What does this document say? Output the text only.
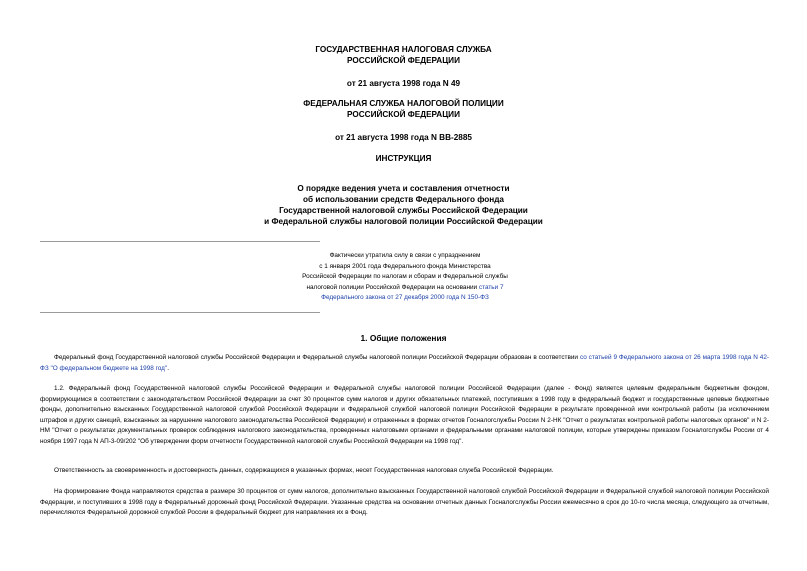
ГОСУДАРСТВЕННАЯ НАЛОГОВАЯ СЛУЖБА
РОССИЙСКОЙ ФЕДЕРАЦИИ
от 21 августа 1998 года N 49
ФЕДЕРАЛЬНАЯ СЛУЖБА НАЛОГОВОЙ ПОЛИЦИИ
РОССИЙСКОЙ ФЕДЕРАЦИИ
от 21 августа 1998 года N ВВ-2885
ИНСТРУКЦИЯ
О порядке ведения учета и составления отчетности
об использовании средств Федерального фонда
Государственной налоговой службы Российской Федерации
и Федеральной службы налоговой полиции Российской Федерации
Фактически утратила силу в связи с упразднением
с 1 января 2001 года Федерального фонда Министерства
Российской Федерации по налогам и сборам и Федеральной службы
налоговой полиции Российской Федерации на основании статьи 7
Федерального закона от 27 декабря 2000 года N 150-ФЗ
1. Общие положения
Федеральный фонд Государственной налоговой службы Российской Федерации и Федеральной службы налоговой полиции Российской Федерации образован в соответствии со статьей 9 Федерального закона от 26 марта 1998 года N 42-ФЗ "О федеральном бюджете на 1998 год".
1.2. Федеральный фонд Государственной налоговой службы Российской Федерации и Федеральной службы налоговой полиции Российской Федерации (далее - Фонд) является целевым федеральным бюджетным фондом, формирующимся в соответствии с законодательством Российской Федерации за счет 30 процентов сумм налогов и других обязательных платежей, поступивших в 1998 году в федеральный бюджет и государственные целевые бюджетные фонды, дополнительно взысканных Государственной налоговой службой Российской Федерации и Федеральной службой налоговой полиции Российской Федерации в результате проведенной ими контрольной работы (за исключением штрафов и других санкций, взысканных за нарушение налогового законодательства Российской Федерации) и отраженных в формах отчетов Госналогслужбы России N 2-НК "Отчет о результатах контрольной работы налоговых органов" и N 2-НМ "Отчет о результатах документальных проверок соблюдения налогового законодательства, проведенных налоговыми органами и федеральными органами налоговой полиции, которые утверждены приказом Госналогслужбы России от 4 ноября 1997 года N АП-3-09/202 "Об утверждении форм отчетности Государственной налоговой службы Российской Федерации на 1998 год".
Ответственность за своевременность и достоверность данных, содержащихся в указанных формах, несет Государственная налоговая служба Российской Федерации.
На формирование Фонда направляются средства в размере 30 процентов от сумм налогов, дополнительно взысканных Государственной налоговой службой Российской Федерации и Федеральной службой налоговой полиции Российской Федерации, и поступивших в 1998 году в Федеральный дорожный фонд Российской Федерации. Указанные средства на основании отчетных данных Госналогслужбы России ежемесячно в срок до 10-го числа месяца, следующего за отчетным, перечисляются Федеральной дорожной службой России в федеральный бюджет для направления их в Фонд.
